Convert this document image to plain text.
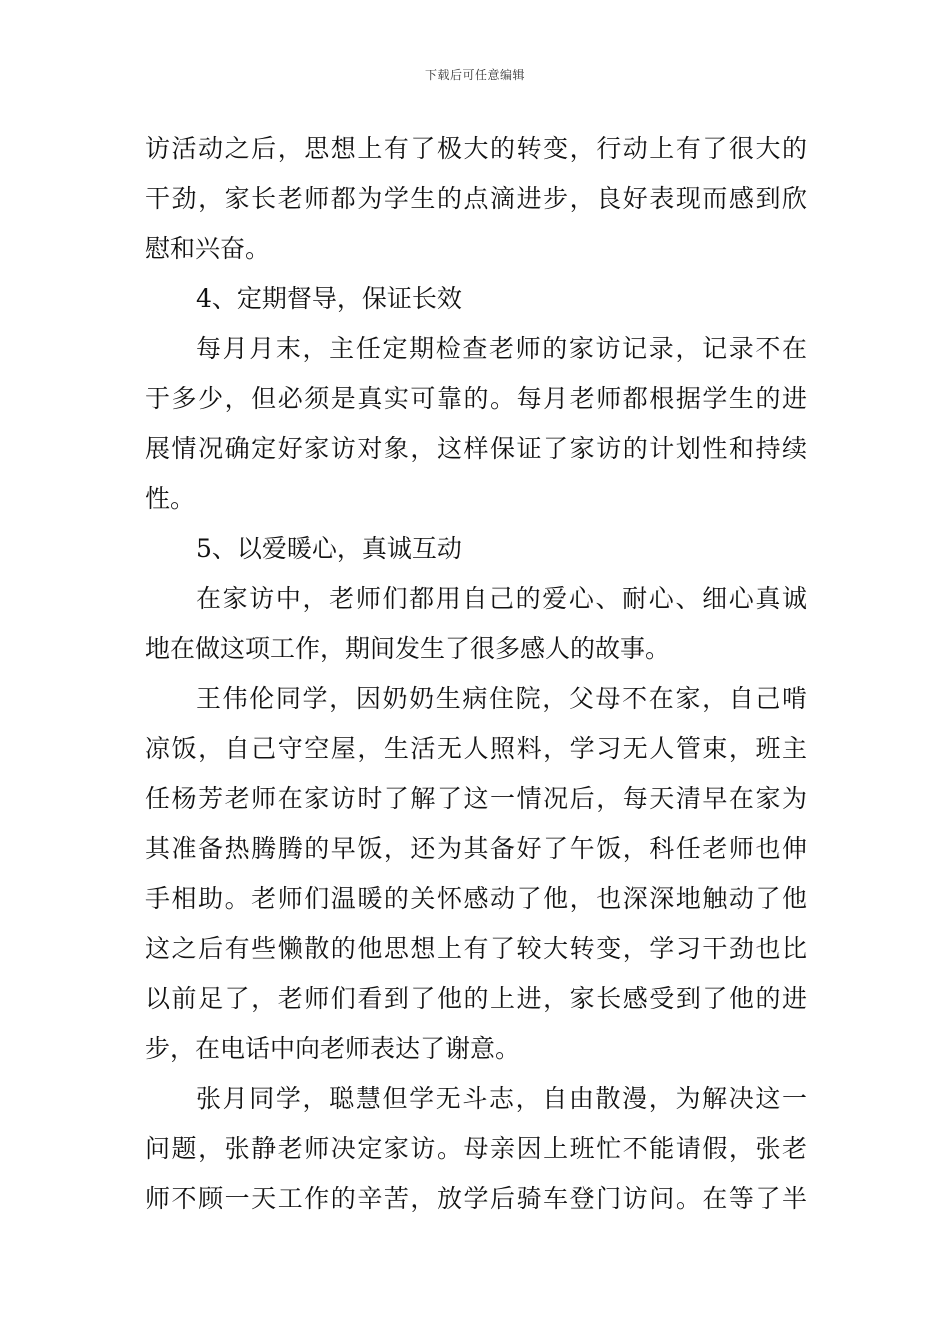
下载后可任意编辑
访活动之后，思想上有了极大的转变，行动上有了很大的
干劲，家长老师都为学生的点滴进步，良好表现而感到欣
慰和兴奋。
4、定期督导，保证长效
每月月末，主任定期检查老师的家访记录，记录不在
于多少，但必须是真实可靠的。每月老师都根据学生的进
展情况确定好家访对象，这样保证了家访的计划性和持续
性。
5、以爱暖心，真诚互动
在家访中，老师们都用自己的爱心、耐心、细心真诚
地在做这项工作，期间发生了很多感人的故事。
王伟伦同学，因奶奶生病住院，父母不在家，自己啃
凉饭，自己守空屋，生活无人照料，学习无人管束，班主
任杨芳老师在家访时了解了这一情况后，每天清早在家为
其准备热腾腾的早饭，还为其备好了午饭，科任老师也伸
手相助。老师们温暖的关怀感动了他，也深深地触动了他
这之后有些懒散的他思想上有了较大转变，学习干劲也比
以前足了，老师们看到了他的上进，家长感受到了他的进
步，在电话中向老师表达了谢意。
张月同学，聪慧但学无斗志，自由散漫，为解决这一
问题，张静老师决定家访。母亲因上班忙不能请假，张老
师不顾一天工作的辛苦，放学后骑车登门访问。在等了半
